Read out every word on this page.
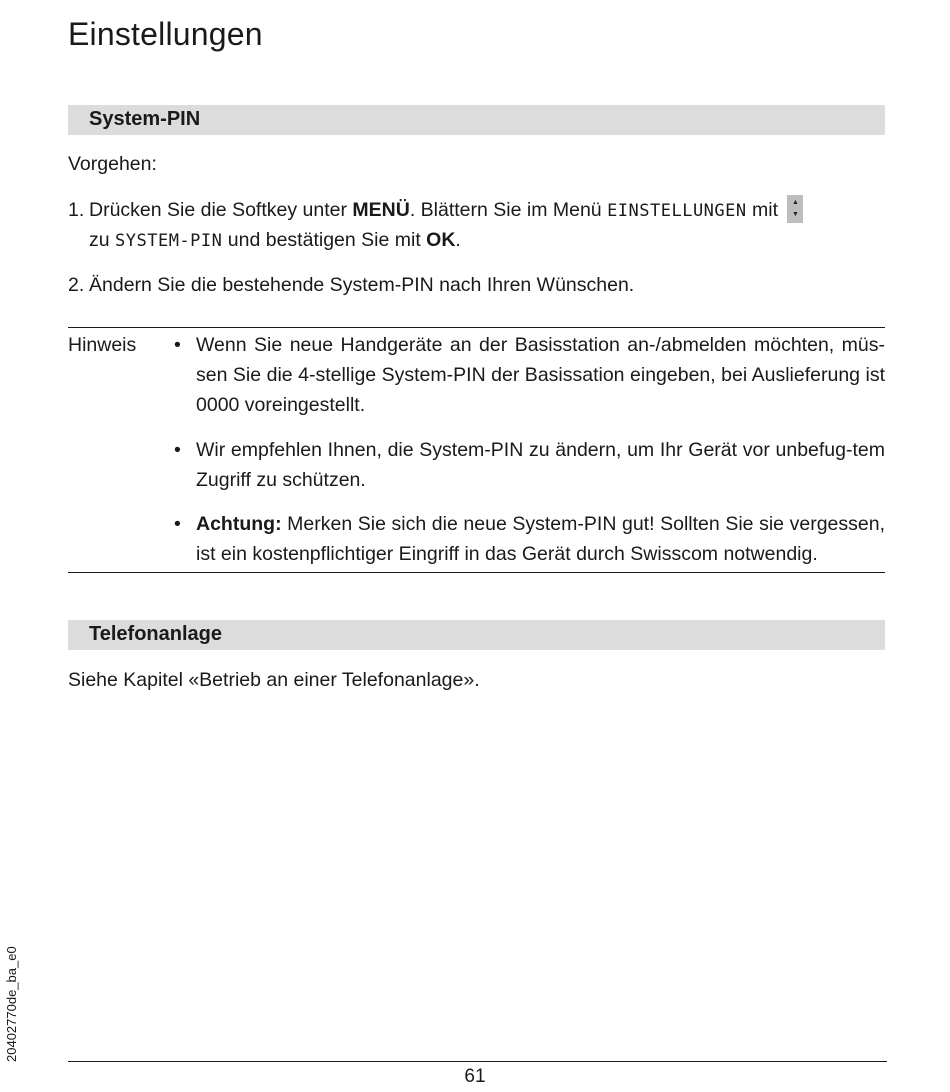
Einstellungen
System-PIN
Vorgehen:
1. Drücken Sie die Softkey unter MENÜ. Blättern Sie im Menü EINSTELLUNGEN mit	▲
▼
zu SYSTEM-PIN und bestätigen Sie mit OK.
2. Ändern Sie die bestehende System-PIN nach Ihren Wünschen.
Hinweis • Wenn Sie neue Handgeräte an der Basisstation an-/abmelden möchten, müs-sen Sie die 4-stellige System-PIN der Basissation eingeben, bei Auslieferung ist 0000 voreingestellt.
• Wir empfehlen Ihnen, die System-PIN zu ändern, um Ihr Gerät vor unbefug-tem Zugriff zu schützen.
• Achtung: Merken Sie sich die neue System-PIN gut! Sollten Sie sie vergessen, ist ein kostenpflichtiger Eingriff in das Gerät durch Swisscom notwendig.
Telefonanlage
Siehe Kapitel «Betrieb an einer Telefonanlage».
20402770de_ba_e0
61
